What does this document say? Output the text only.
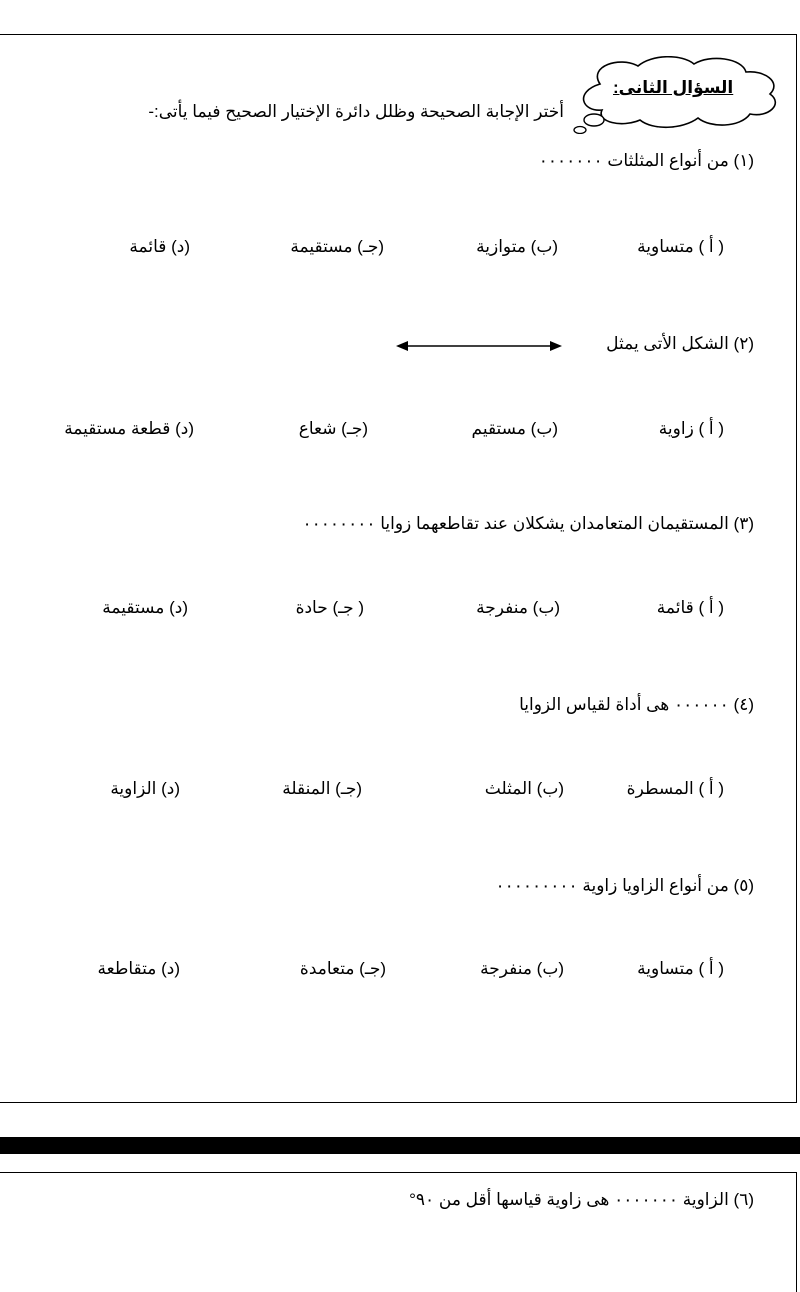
السؤال الثانى:
أختر الإجابة الصحيحة وظلل دائرة الإختيار الصحيح فيما يأتى:-
(١) من أنواع المثلثات ٠٠٠٠٠٠٠
( أ ) متساوية
(ب) متوازية
(جـ) مستقيمة
(د) قائمة
(٢) الشكل الأتى يمثل
( أ ) زاوية
(ب) مستقيم
(جـ) شعاع
(د) قطعة مستقيمة
(٣) المستقيمان المتعامدان يشكلان عند تقاطعهما زوايا ٠٠٠٠٠٠٠٠
( أ ) قائمة
(ب) منفرجة
( جـ) حادة
(د) مستقيمة
(٤) ٠٠٠٠٠٠ هى أداة لقياس الزوايا
( أ ) المسطرة
(ب) المثلث
(جـ) المنقلة
(د) الزاوية
(٥) من أنواع الزاويا زاوية ٠٠٠٠٠٠٠٠٠
( أ ) متساوية
(ب) منفرجة
(جـ) متعامدة
(د) متقاطعة
(٦) الزاوية ٠٠٠٠٠٠٠ هى زاوية قياسها أقل من ٩٠°
